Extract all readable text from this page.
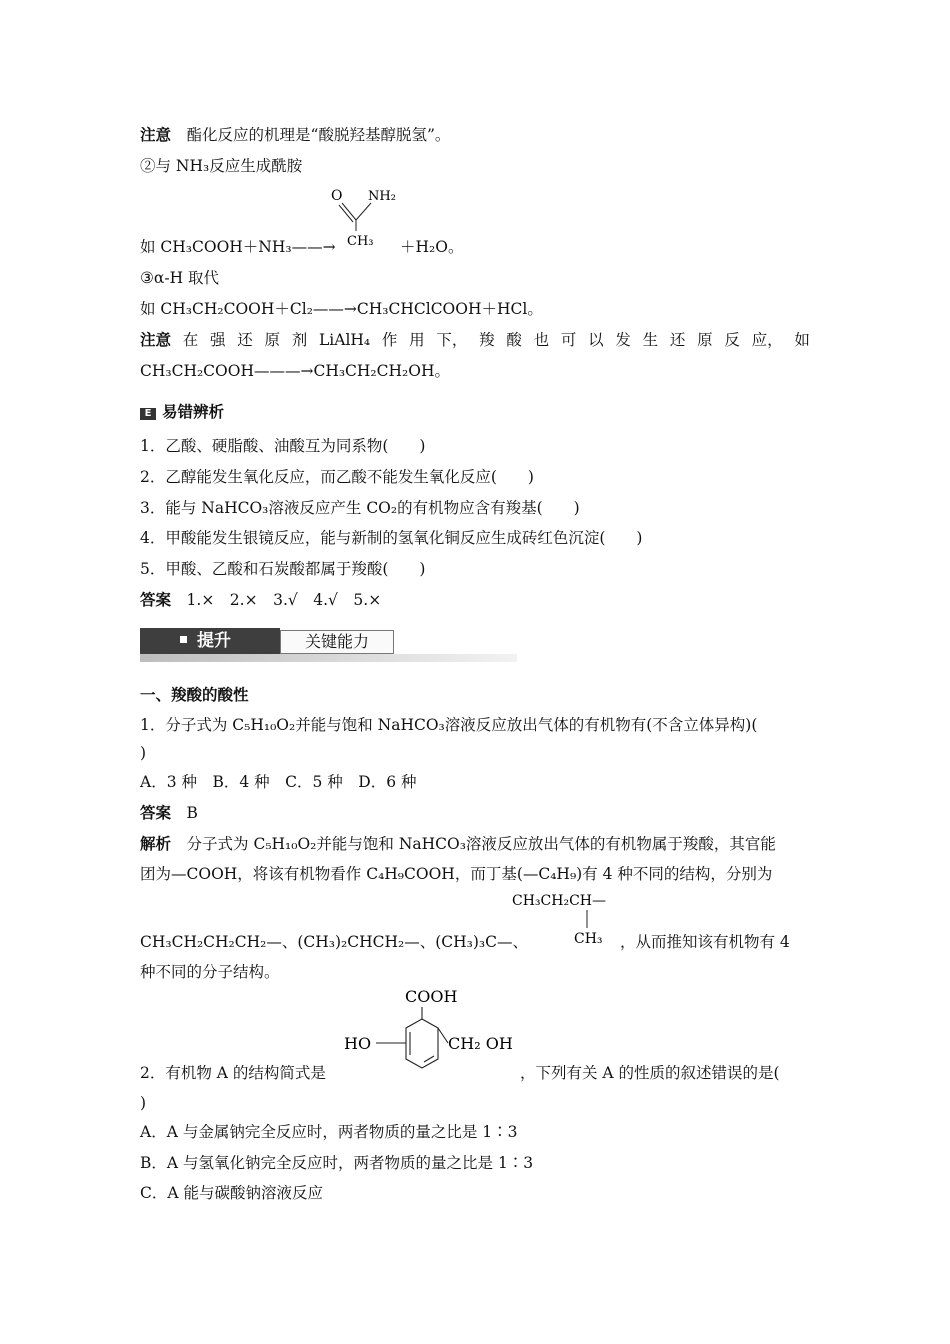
注意　 酯化反应的机理是“酸脱羟基醇脱氢”。
②与 NH₃反应生成酰胺
O NH₂
CH₃
如 CH₃COOH＋NH₃——→	＋H₂O。
③α-H 取代
如 CH₃CH₂COOH＋Cl₂——→CH₃CHClCOOH＋HCl。
注意 在 强 还 原 剂 LiAlH₄ 作 用 下， 羧 酸 也 可 以 发 生 还 原 反 应， 如
CH₃CH₂COOH———→CH₃CH₂CH₂OH。
E 易错辨析
1．乙酸、硬脂酸、油酸互为同系物(　　)
2．乙醇能发生氧化反应，而乙酸不能发生氧化反应(　　)
3．能与 NaHCO₃溶液反应产生 CO₂的有机物应含有羧基(　　)
4．甲酸能发生银镜反应，能与新制的氢氧化铜反应生成砖红色沉淀(　　)
5．甲酸、乙酸和石炭酸都属于羧酸(　　)
答案　 1.×　2.×　3.√　4.√　5.×
提升	关键能力
一、羧酸的酸性
1．分子式为 C₅H₁₀O₂并能与饱和 NaHCO₃溶液反应放出气体的有机物有(不含立体异构)(
)
A．3 种　B．4 种　C．5 种　D．6 种
答案　 B
解析　 分子式为 C₅H₁₀O₂并能与饱和 NaHCO₃溶液反应放出气体的有机物属于羧酸，其官能
团为—COOH，将该有机物看作 C₄H₉COOH，而丁基(—C₄H₉)有 4 种不同的结构，分别为
CH₃CH₂CH—
CH₃
CH₃CH₂CH₂CH₂—、(CH₃)₂CHCH₂—、(CH₃)₃C—、	，从而推知该有机物有 4
种不同的分子结构。
COOH
HO	CH₂ OH
2．有机物 A 的结构简式是	，下列有关 A 的性质的叙述错误的是(
)
A．A 与金属钠完全反应时，两者物质的量之比是 1∶3
B．A 与氢氧化钠完全反应时，两者物质的量之比是 1∶3
C．A 能与碳酸钠溶液反应
